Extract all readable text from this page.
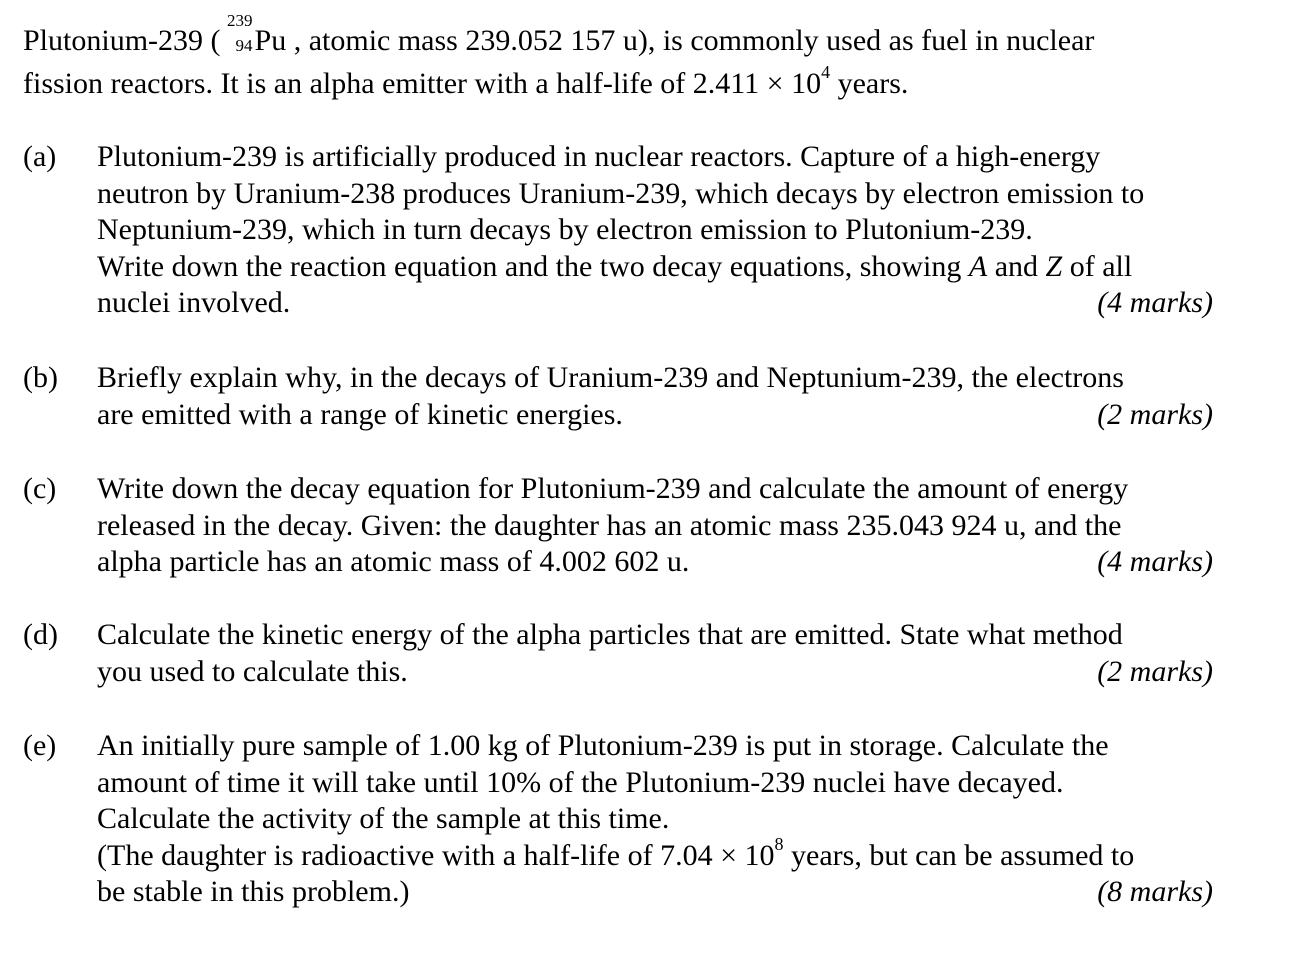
Plutonium-239 (
239
94 Pu , atomic mass 239.052 157 u), is commonly used as fuel in nuclear
fission reactors. It is an alpha emitter with a half-life of $2.411 \times 10^4$ years.
(a) Plutonium-239 is artificially produced in nuclear reactors. Capture of a high-energy
neutron by Uranium-238 produces Uranium-239, which decays by electron emission to
Neptunium-239, which in turn decays by electron emission to Plutonium-239.
Write down the reaction equation and the two decay equations, showing A and Z of all
nuclei involved.	(4 marks)
(b) Briefly explain why, in the decays of Uranium-239 and Neptunium-239, the electrons
are emitted with a range of kinetic energies.	(2 marks)
(c) Write down the decay equation for Plutonium-239 and calculate the amount of energy
released in the decay. Given: the daughter has an atomic mass 235.043 924 u, and the
alpha particle has an atomic mass of 4.002 602 u.	(4 marks)
(d) Calculate the kinetic energy of the alpha particles that are emitted. State what method
you used to calculate this.	(2 marks)
(e) An initially pure sample of 1.00 kg of Plutonium-239 is put in storage. Calculate the
amount of time it will take until 10% of the Plutonium-239 nuclei have decayed.
Calculate the activity of the sample at this time.
(The daughter is radioactive with a half-life of $7.04 \times 10^8$ years, but can be assumed to
be stable in this problem.)	(8 marks)
